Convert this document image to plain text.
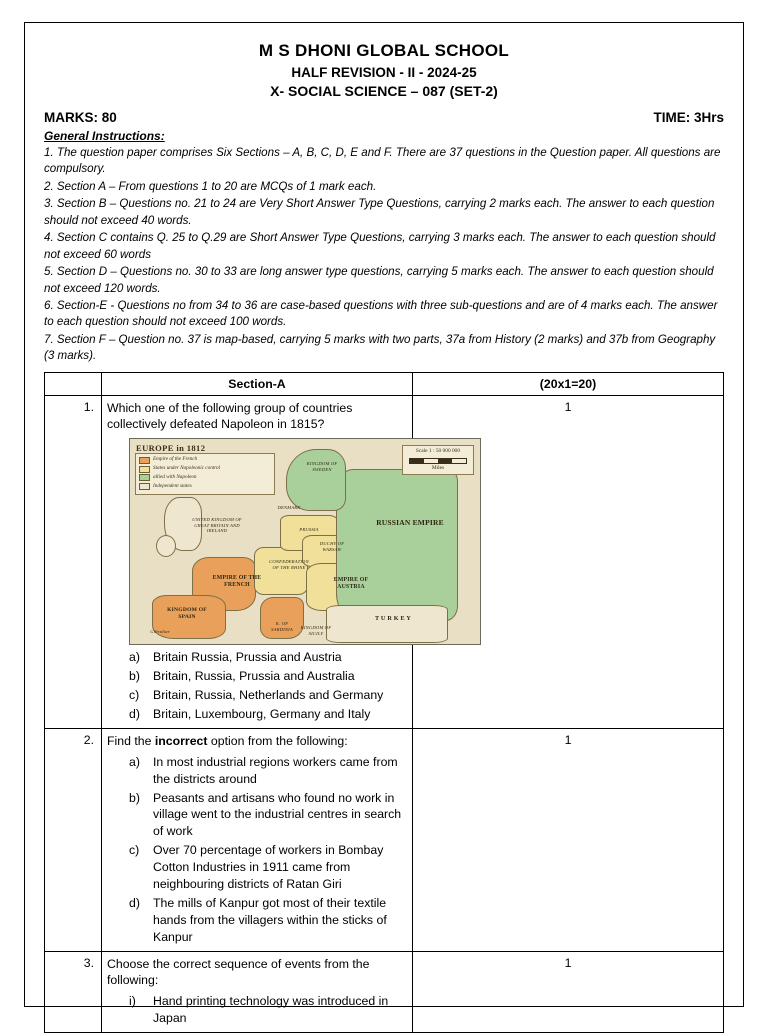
M S DHONI GLOBAL SCHOOL
HALF REVISION - II - 2024-25
X- SOCIAL SCIENCE – 087 (SET-2)
MARKS: 80	TIME: 3Hrs
General Instructions:
1. The question paper comprises Six Sections – A, B, C, D, E and F. There are 37 questions in the Question paper. All questions are compulsory.
2. Section A – From questions 1 to 20 are MCQs of 1 mark each.
3. Section B – Questions no. 21 to 24 are Very Short Answer Type Questions, carrying 2 marks each. The answer to each question should not exceed 40 words.
4. Section C contains Q. 25 to Q.29 are Short Answer Type Questions, carrying 3 marks each. The answer to each question should not exceed 60 words
5. Section D – Questions no. 30 to 33 are long answer type questions, carrying 5 marks each. The answer to each question should not exceed 120 words.
6. Section-E - Questions no from 34 to 36 are case-based questions with three sub-questions and are of 4 marks each. The answer to each question should not exceed 100 words.
7. Section F – Question no. 37 is map-based, carrying 5 marks with two parts, 37a from History (2 marks) and 37b from Geography (3 marks).
	Section-A	(20x1=20)
1.	Which one of the following group of countries collectively defeated Napoleon in 1815?
EUROPE in 1812
Empire of the French
States under Napoleonic control
allied with Napoleon
Independent states
Scale 1 : 50 000 000
Miles
UNITED KINGDOM OF GREAT BRITAIN AND IRELAND
RUSSIAN EMPIRE
EMPIRE OF THE FRENCH
EMPIRE OF AUSTRIA
KINGDOM OF SPAIN	T U R K E Y
KINGDOM OF SWEDEN
DUCHY OF WARSAW
CONFEDERATION OF THE RHINE
PRUSSIA
Gibraltar
K. OF SARDINIA	KINGDOM OF SICILY
DENMARK
a)	Britain Russia, Prussia and Austria
b)	Britain, Russia, Prussia and Australia
c)	Britain, Russia, Netherlands and Germany
d)	Britain, Luxembourg, Germany and Italy
	1
2.	Find the incorrect option from the following:
a)	In most industrial regions workers came from the districts around
b)	Peasants and artisans who found no work in village went to the industrial centres in search of work
c)	Over 70 percentage of workers in Bombay Cotton Industries in 1911 came from neighbouring districts of Ratan Giri
d)	The mills of Kanpur got most of their textile hands from the villagers within the sticks of Kanpur
	1
3.	Choose the correct sequence of events from the following:
i)	Hand printing technology was introduced in Japan
	1
